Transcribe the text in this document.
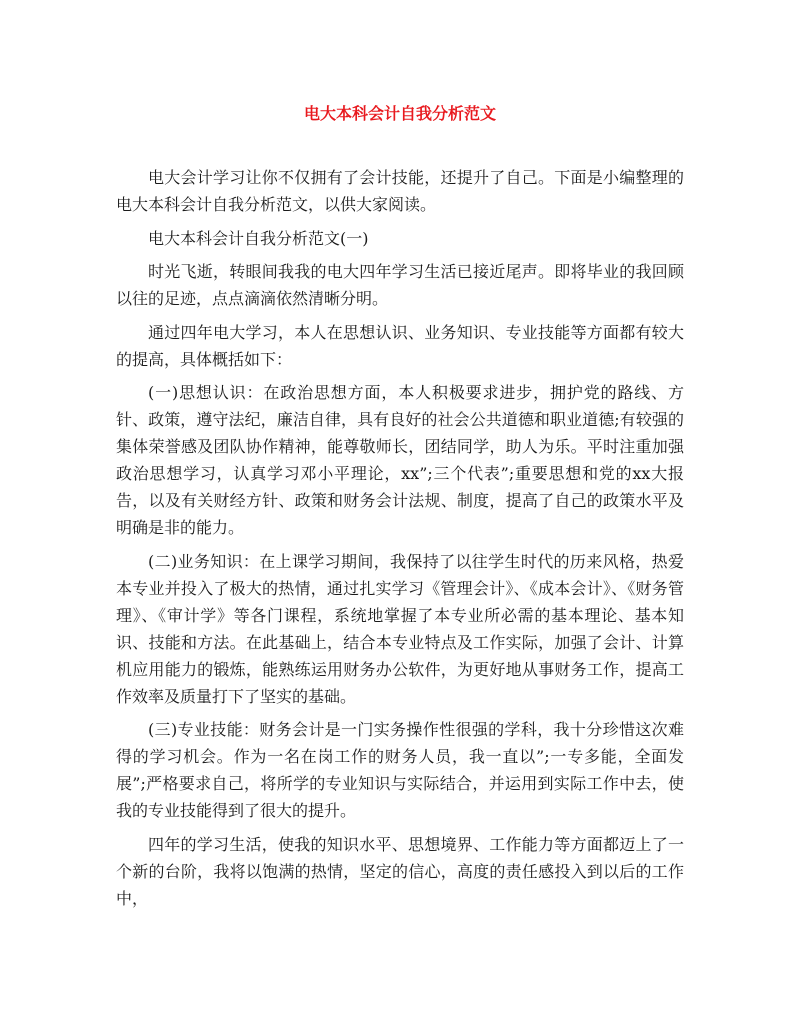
电大本科会计自我分析范文

电大会计学习让你不仅拥有了会计技能，还提升了自己。下面是小编整理的电大本科会计自我分析范文，以供大家阅读。

电大本科会计自我分析范文(一)

时光飞逝，转眼间我我的电大四年学习生活已接近尾声。即将毕业的我回顾以往的足迹，点点滴滴依然清晰分明。

通过四年电大学习，本人在思想认识、业务知识、专业技能等方面都有较大的提高，具体概括如下：

(一)思想认识：在政治思想方面，本人积极要求进步，拥护党的路线、方针、政策，遵守法纪，廉洁自律，具有良好的社会公共道德和职业道德;有较强的集体荣誉感及团队协作精神，能尊敬师长，团结同学，助人为乐。平时注重加强政治思想学习，认真学习邓小平理论，xx”;三个代表”;重要思想和党的xx大报告，以及有关财经方针、政策和财务会计法规、制度，提高了自己的政策水平及明确是非的能力。

(二)业务知识：在上课学习期间，我保持了以往学生时代的历来风格，热爱本专业并投入了极大的热情，通过扎实学习《管理会计》、《成本会计》、《财务管理》、《审计学》等各门课程，系统地掌握了本专业所必需的基本理论、基本知识、技能和方法。在此基础上，结合本专业特点及工作实际，加强了会计、计算机应用能力的锻炼，能熟练运用财务办公软件，为更好地从事财务工作，提高工作效率及质量打下了坚实的基础。

(三)专业技能：财务会计是一门实务操作性很强的学科，我十分珍惜这次难得的学习机会。作为一名在岗工作的财务人员，我一直以”;一专多能，全面发展”;严格要求自己，将所学的专业知识与实际结合，并运用到实际工作中去，使我的专业技能得到了很大的提升。

四年的学习生活，使我的知识水平、思想境界、工作能力等方面都迈上了一个新的台阶，我将以饱满的热情，坚定的信心，高度的责任感投入到以后的工作中，
